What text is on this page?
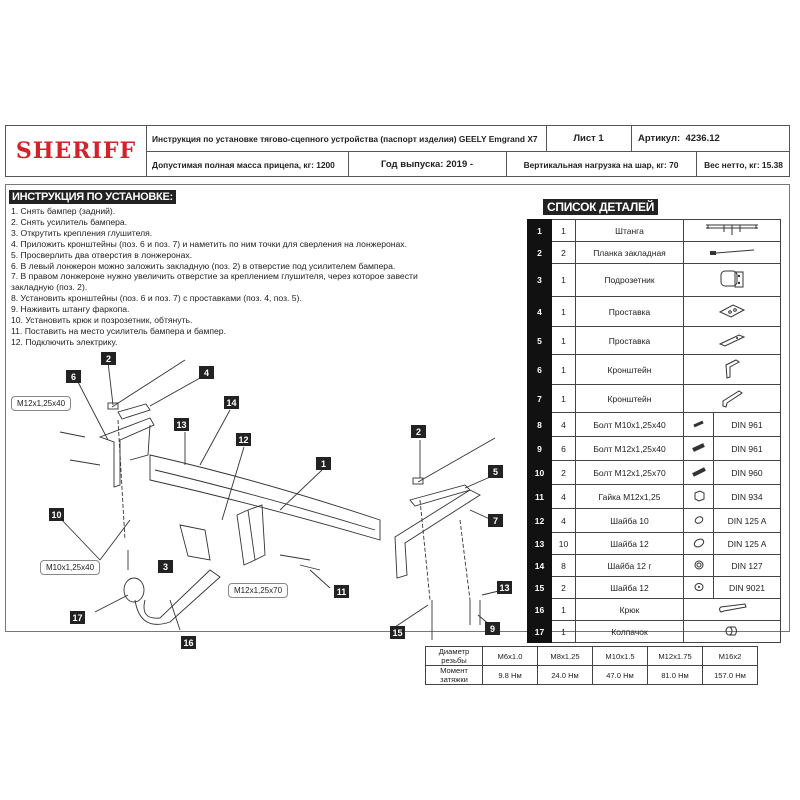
SHERIFF	Инструкция по установке тягово-сцепного устройства (паспорт изделия) GEELY Emgrand X7	Лист 1	Артикул:
4236.12
Допустимая полная масса прицепа, кг: 1200	Год выпуска: 2019 -	Вертикальная нагрузка на шар, кг: 70	Вес нетто, кг: 15.38
ИНСТРУКЦИЯ ПО УСТАНОВКЕ:
1. Снять бампер (задний).
2. Снять усилитель бампера.
3. Открутить крепления глушителя.
4. Приложить кронштейны (поз. 6 и поз. 7) и наметить по ним точки для сверления на лонжеронах.
5. Просверлить два отверстия в лонжеронах.
6. В левый лонжерон можно заложить закладную (поз. 2) в отверстие под усилителем бампера.
7. В правом лонжероне нужно увеличить отверстие за креплением глушителя, через которое завести
закладную (поз. 2).
8. Установить кронштейны (поз. 6 и поз. 7) с проставками (поз. 4, поз. 5).
9. Наживить штангу фаркопа.
10. Установить крюк и позрозетник, обтянуть.
11. Поставить на место усилитель бампера и бампер.
12. Подключить электрику.
СПИСОК ДЕТАЛЕЙ
1	1	Штанга	
2	2	Планка закладная	
3	1	Подрозетник	
4	1	Проставка	
5	1	Проставка	
6	1	Кронштейн	
7	1	Кронштейн	
8	4	Болт М10х1,25х40		DIN 961
9	6	Болт М12х1,25х40		DIN 961
10	2	Болт М12х1,25х70		DIN 960
11	4	Гайка М12х1,25		DIN 934
12	4	Шайба 10		DIN 125 A
13	10	Шайба 12		DIN 125 A
14	8	Шайба 12 г		DIN 127
15	2	Шайба 12		DIN 9021
16	1	Крюк	
17	1	Колпачок	
Диаметр резьбы	M6x1.0	M8x1.25	M10x1.5	M12x1.75	M16x2
Момент затяжки	9.8 Нм	24.0 Нм	47.0 Нм	81.0 Нм	157.0 Нм
2
6	4
14
13
12
1
2
5
7
10
3
11	13
9
15
17
16
M12x1,25x40
M10x1,25x40
M12x1,25x70
